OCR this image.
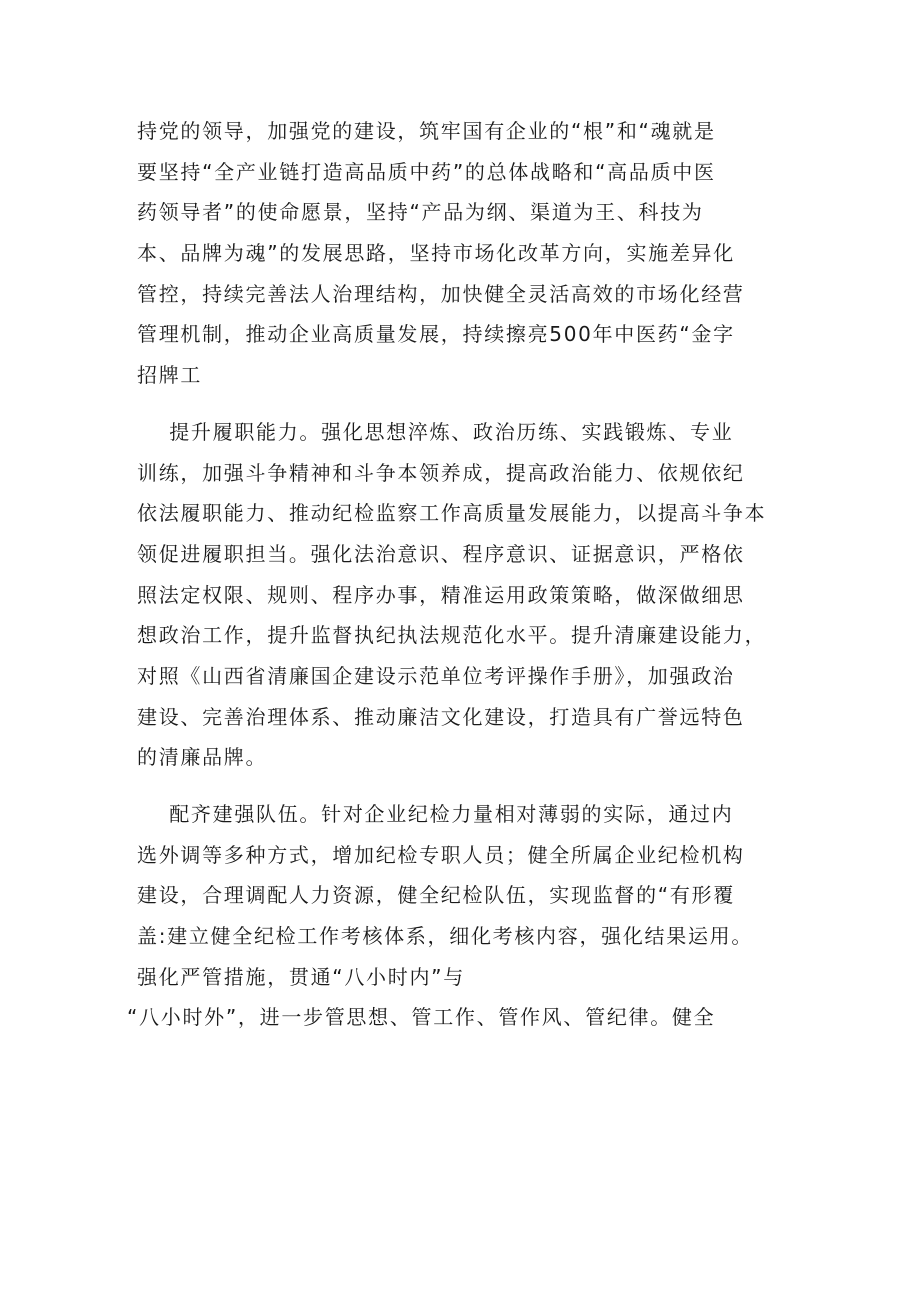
持党的领导，加强党的建设，筑牢国有企业的“根”和“魂就是
要坚持“全产业链打造高品质中药”的总体战略和“高品质中医
药领导者”的使命愿景，坚持“产品为纲、渠道为王、科技为
本、品牌为魂”的发展思路，坚持市场化改革方向，实施差异化
管控，持续完善法人治理结构，加快健全灵活高效的市场化经营
管理机制，推动企业高质量发展，持续擦亮500年中医药“金字
招牌工
提升履职能力。强化思想淬炼、政治历练、实践锻炼、专业
训练，加强斗争精神和斗争本领养成，提高政治能力、依规依纪
依法履职能力、推动纪检监察工作高质量发展能力，以提高斗争本
领促进履职担当。强化法治意识、程序意识、证据意识，严格依
照法定权限、规则、程序办事，精准运用政策策略，做深做细思
想政治工作，提升监督执纪执法规范化水平。提升清廉建设能力，
对照《山西省清廉国企建设示范单位考评操作手册》，加强政治
建设、完善治理体系、推动廉洁文化建设，打造具有广誉远特色
的清廉品牌。
配齐建强队伍。针对企业纪检力量相对薄弱的实际，通过内
选外调等多种方式，增加纪检专职人员；健全所属企业纪检机构
建设，合理调配人力资源，健全纪检队伍，实现监督的“有形覆
盖:建立健全纪检工作考核体系，细化考核内容，强化结果运用。
强化严管措施，贯通“八小时内”与
“八小时外”，进一步管思想、管工作、管作风、管纪律。健全
